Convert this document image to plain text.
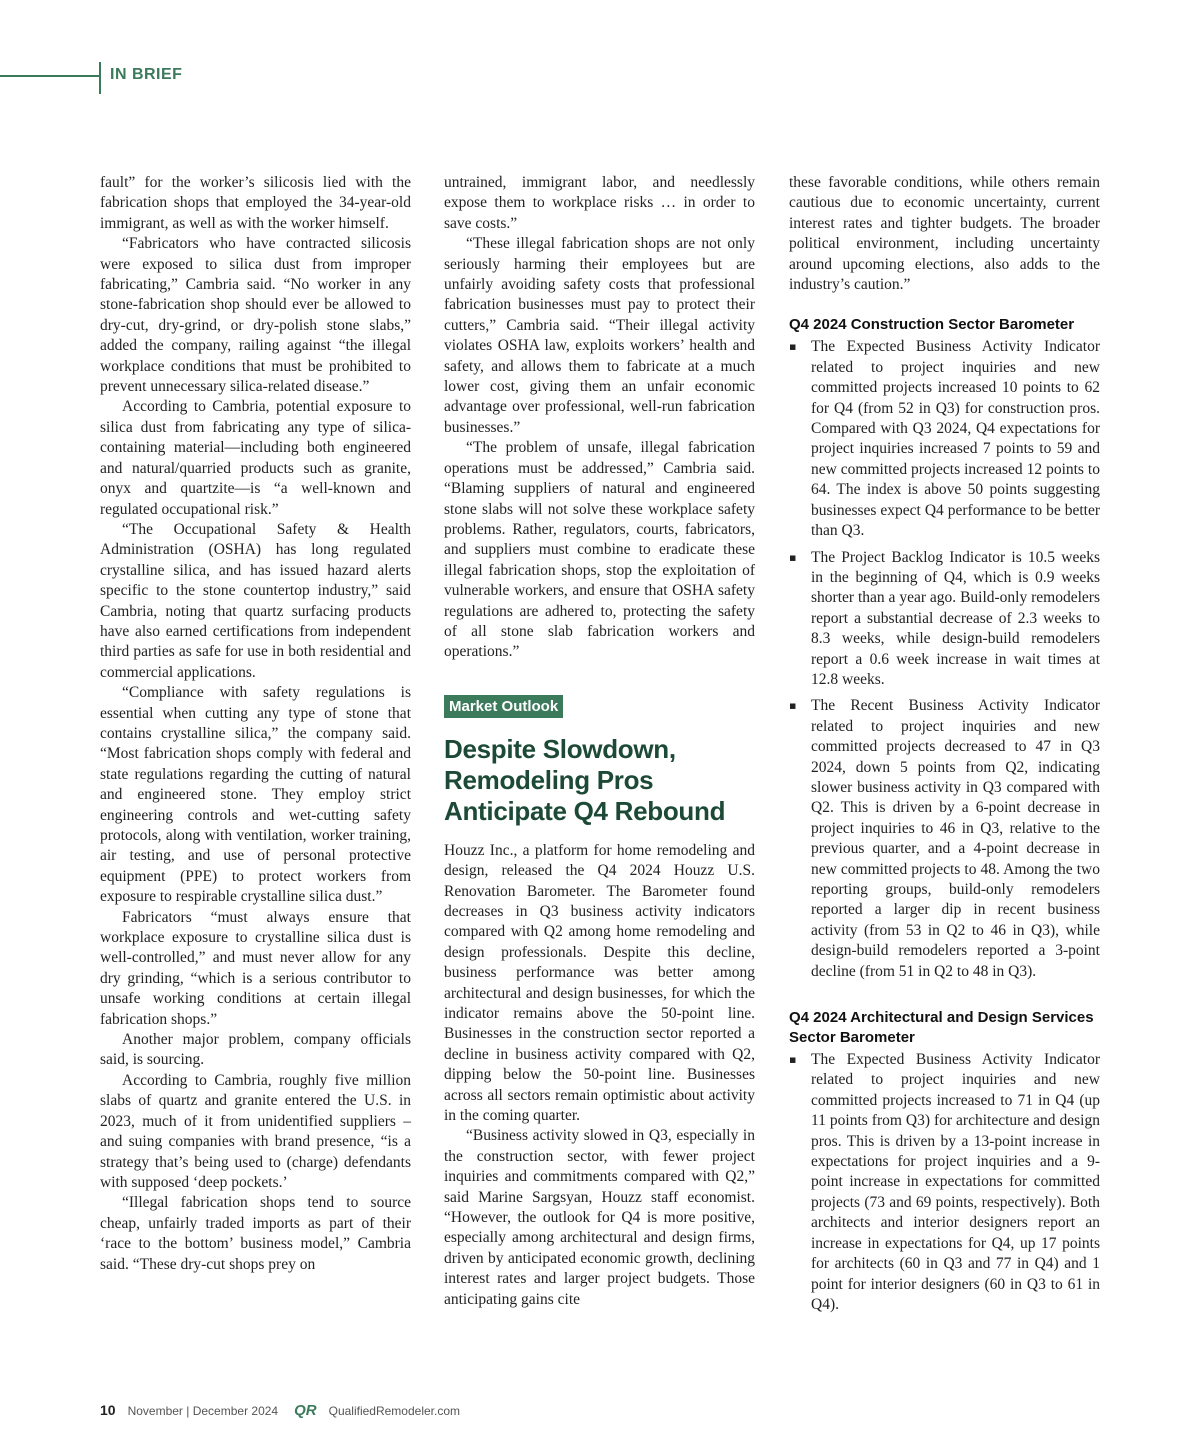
IN BRIEF

fault” for the worker’s silicosis lied with the fabrication shops that employed the 34-year-old immigrant, as well as with the worker himself.

“Fabricators who have contracted silicosis were exposed to silica dust from improper fabricating,” Cambria said. “No worker in any stone-fabrication shop should ever be allowed to dry-cut, dry-grind, or dry-polish stone slabs,” added the company, railing against “the illegal workplace conditions that must be prohibited to prevent unnecessary silica-related disease.”

According to Cambria, potential exposure to silica dust from fabricating any type of silica-containing material—including both engineered and natural/quarried products such as granite, onyx and quartzite—is “a well-known and regulated occupational risk.”

“The Occupational Safety & Health Administration (OSHA) has long regulated crystalline silica, and has issued hazard alerts specific to the stone countertop industry,” said Cambria, noting that quartz surfacing products have also earned certifications from independent third parties as safe for use in both residential and commercial applications.

“Compliance with safety regulations is essential when cutting any type of stone that contains crystalline silica,” the company said. “Most fabrication shops comply with federal and state regulations regarding the cutting of natural and engineered stone. They employ strict engineering controls and wet-cutting safety protocols, along with ventilation, worker training, air testing, and use of personal protective equipment (PPE) to protect workers from exposure to respirable crystalline silica dust.”

Fabricators “must always ensure that workplace exposure to crystalline silica dust is well-controlled,” and must never allow for any dry grinding, “which is a serious contributor to unsafe working conditions at certain illegal fabrication shops.”

Another major problem, company officials said, is sourcing.

According to Cambria, roughly five million slabs of quartz and granite entered the U.S. in 2023, much of it from unidentified suppliers – and suing companies with brand presence, “is a strategy that’s being used to (charge) defendants with supposed ‘deep pockets.’

“Illegal fabrication shops tend to source cheap, unfairly traded imports as part of their ‘race to the bottom’ business model,” Cambria said. “These dry-cut shops prey on

untrained, immigrant labor, and needlessly expose them to workplace risks … in order to save costs.”

“These illegal fabrication shops are not only seriously harming their employees but are unfairly avoiding safety costs that professional fabrication businesses must pay to protect their cutters,” Cambria said. “Their illegal activity violates OSHA law, exploits workers’ health and safety, and allows them to fabricate at a much lower cost, giving them an unfair economic advantage over professional, well-run fabrication businesses.”

“The problem of unsafe, illegal fabrication operations must be addressed,” Cambria said. “Blaming suppliers of natural and engineered stone slabs will not solve these workplace safety problems. Rather, regulators, courts, fabricators, and suppliers must combine to eradicate these illegal fabrication shops, stop the exploitation of vulnerable workers, and ensure that OSHA safety regulations are adhered to, protecting the safety of all stone slab fabrication workers and operations.”

Market Outlook
Despite Slowdown, Remodeling Pros Anticipate Q4 Rebound

Houzz Inc., a platform for home remodeling and design, released the Q4 2024 Houzz U.S. Renovation Barometer. The Barometer found decreases in Q3 business activity indicators compared with Q2 among home remodeling and design professionals. Despite this decline, business performance was better among architectural and design businesses, for which the indicator remains above the 50-point line. Businesses in the construction sector reported a decline in business activity compared with Q2, dipping below the 50-point line. Businesses across all sectors remain optimistic about activity in the coming quarter.

“Business activity slowed in Q3, especially in the construction sector, with fewer project inquiries and commitments compared with Q2,” said Marine Sargsyan, Houzz staff economist. “However, the outlook for Q4 is more positive, especially among architectural and design firms, driven by anticipated economic growth, declining interest rates and larger project budgets. Those anticipating gains cite

these favorable conditions, while others remain cautious due to economic uncertainty, current interest rates and tighter budgets. The broader political environment, including uncertainty around upcoming elections, also adds to the industry’s caution.”

Q4 2024 Construction Sector Barometer
▪ The Expected Business Activity Indicator related to project inquiries and new committed projects increased 10 points to 62 for Q4 (from 52 in Q3) for construction pros. Compared with Q3 2024, Q4 expectations for project inquiries increased 7 points to 59 and new committed projects increased 12 points to 64. The index is above 50 points suggesting businesses expect Q4 performance to be better than Q3.

▪ The Project Backlog Indicator is 10.5 weeks in the beginning of Q4, which is 0.9 weeks shorter than a year ago. Build-only remodelers report a substantial decrease of 2.3 weeks to 8.3 weeks, while design-build remodelers report a 0.6 week increase in wait times at 12.8 weeks.

▪ The Recent Business Activity Indicator related to project inquiries and new committed projects decreased to 47 in Q3 2024, down 5 points from Q2, indicating slower business activity in Q3 compared with Q2. This is driven by a 6-point decrease in project inquiries to 46 in Q3, relative to the previous quarter, and a 4-point decrease in new committed projects to 48. Among the two reporting groups, build-only remodelers reported a larger dip in recent business activity (from 53 in Q2 to 46 in Q3), while design-build remodelers reported a 3-point decline (from 51 in Q2 to 48 in Q3).

Q4 2024 Architectural and Design Services Sector Barometer
▪ The Expected Business Activity Indicator related to project inquiries and new committed projects increased to 71 in Q4 (up 11 points from Q3) for architecture and design pros. This is driven by a 13-point increase in expectations for project inquiries and a 9-point increase in expectations for committed projects (73 and 69 points, respectively). Both architects and interior designers report an increase in expectations for Q4, up 17 points for architects (60 in Q3 and 77 in Q4) and 1 point for interior designers (60 in Q3 to 61 in Q4).

10 November | December 2024 QR QualifiedRemodeler.com
